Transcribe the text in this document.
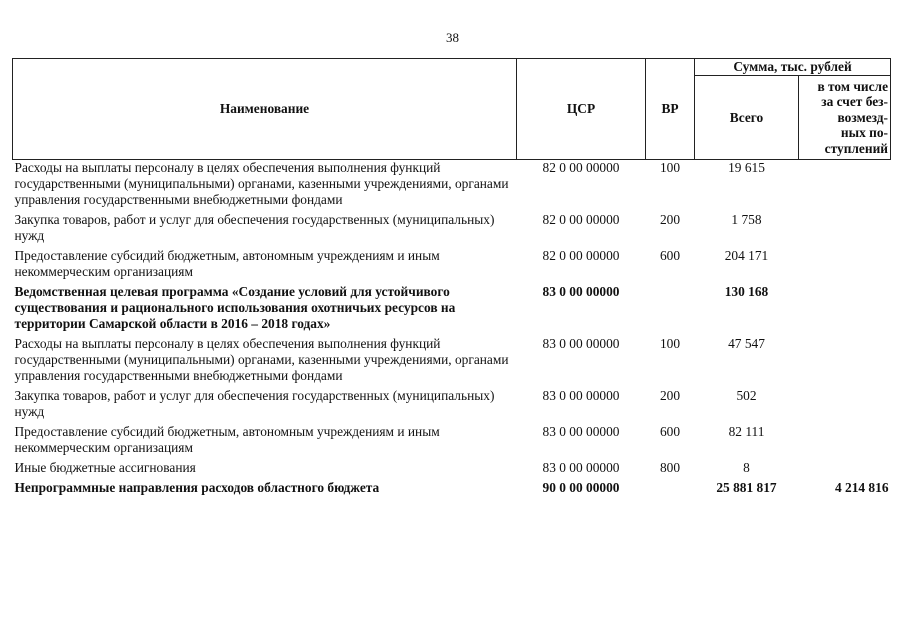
38
Наименование	ЦСР	ВР	Сумма, тыс. рублей	
			Всего	в том числе
за счет без-
возмезд-
ных по-
ступлений
Расходы на выплаты персоналу в целях обеспечения выполнения функций государственными (муниципальными) органами, казенными учреждениями, органами управления государственными внебюджетными фондами	82 0 00 00000	100	19 615	
Закупка товаров, работ и услуг для обеспечения государственных (муниципальных) нужд	82 0 00 00000	200	1 758	
Предоставление субсидий бюджетным, автономным учреждениям и иным некоммерческим организациям	82 0 00 00000	600	204 171	
Ведомственная целевая программа «Создание условий для устойчивого существования и рационального использования охотничьих ресурсов на территории Самарской области в 2016 – 2018 годах»	83 0 00 00000		130 168	
Расходы на выплаты персоналу в целях обеспечения выполнения функций государственными (муниципальными) органами, казенными учреждениями, органами управления государственными внебюджетными фондами	83 0 00 00000	100	47 547	
Закупка товаров, работ и услуг для обеспечения государственных (муниципальных) нужд	83 0 00 00000	200	502	
Предоставление субсидий бюджетным, автономным учреждениям и иным некоммерческим организациям	83 0 00 00000	600	82 111	
Иные бюджетные ассигнования	83 0 00 00000	800	8	
Непрограммные направления расходов областного бюджета	90 0 00 00000		25 881 817	4 214 816
